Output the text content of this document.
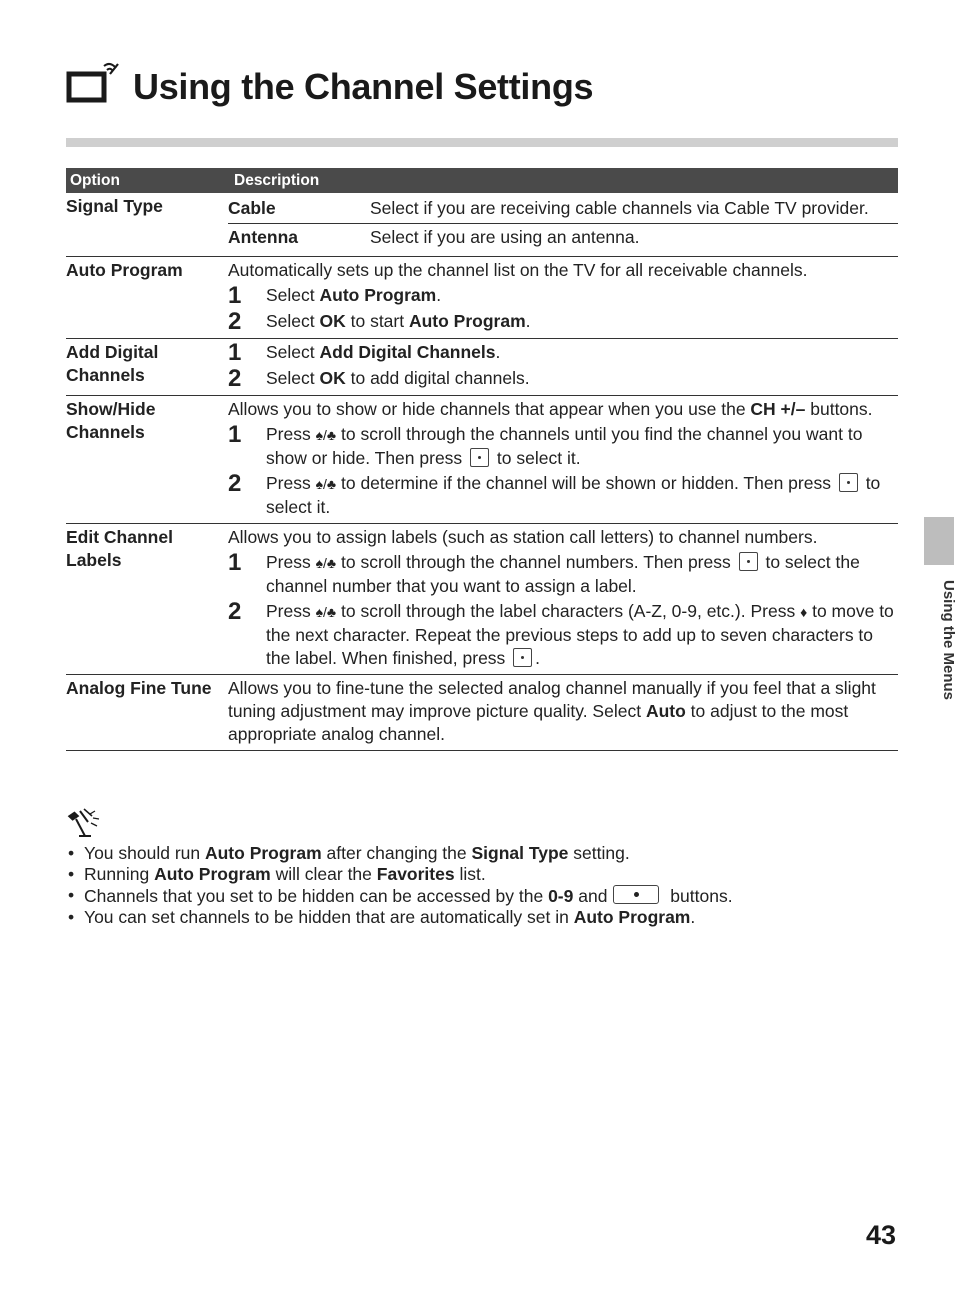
Using the Channel Settings
Option	Description
Signal Type	Cable Select if you are receiving cable channels via Cable TV provider.
Antenna Select if you are using an antenna.

Auto Program	Automatically sets up the channel list on the TV for all receivable channels.
1 Select Auto Program.
2 Select OK to start Auto Program.

Add Digital Channels	1 Select Add Digital Channels.
2 Select OK to add digital channels.

Show/Hide Channels	Allows you to show or hide channels that appear when you use the CH +/– buttons.
1 Press ♠/♣ to scroll through the channels until you find the channel you want to show or hide. Then press  to select it.
2 Press ♠/♣ to determine if the channel will be shown or hidden. Then press  to select it.

Edit Channel Labels	Allows you to assign labels (such as station call letters) to channel numbers.
1 Press ♠/♣ to scroll through the channel numbers. Then press  to select the channel number that you want to assign a label.
2 Press ♠/♣ to scroll through the label characters (A-Z, 0-9, etc.). Press ♦ to move to the next character. Repeat the previous steps to add up to seven characters to the label. When finished, press .

Analog Fine Tune	Allows you to fine-tune the selected analog channel manually if you feel that a slight tuning adjustment may improve picture quality. Select Auto to adjust to the most appropriate analog channel.
• You should run Auto Program after changing the Signal Type setting.
• Running Auto Program will clear the Favorites list.
• Channels that you set to be hidden can be accessed by the 0-9 and	buttons.
• You can set channels to be hidden that are automatically set in Auto Program.
Using the Menus
43
